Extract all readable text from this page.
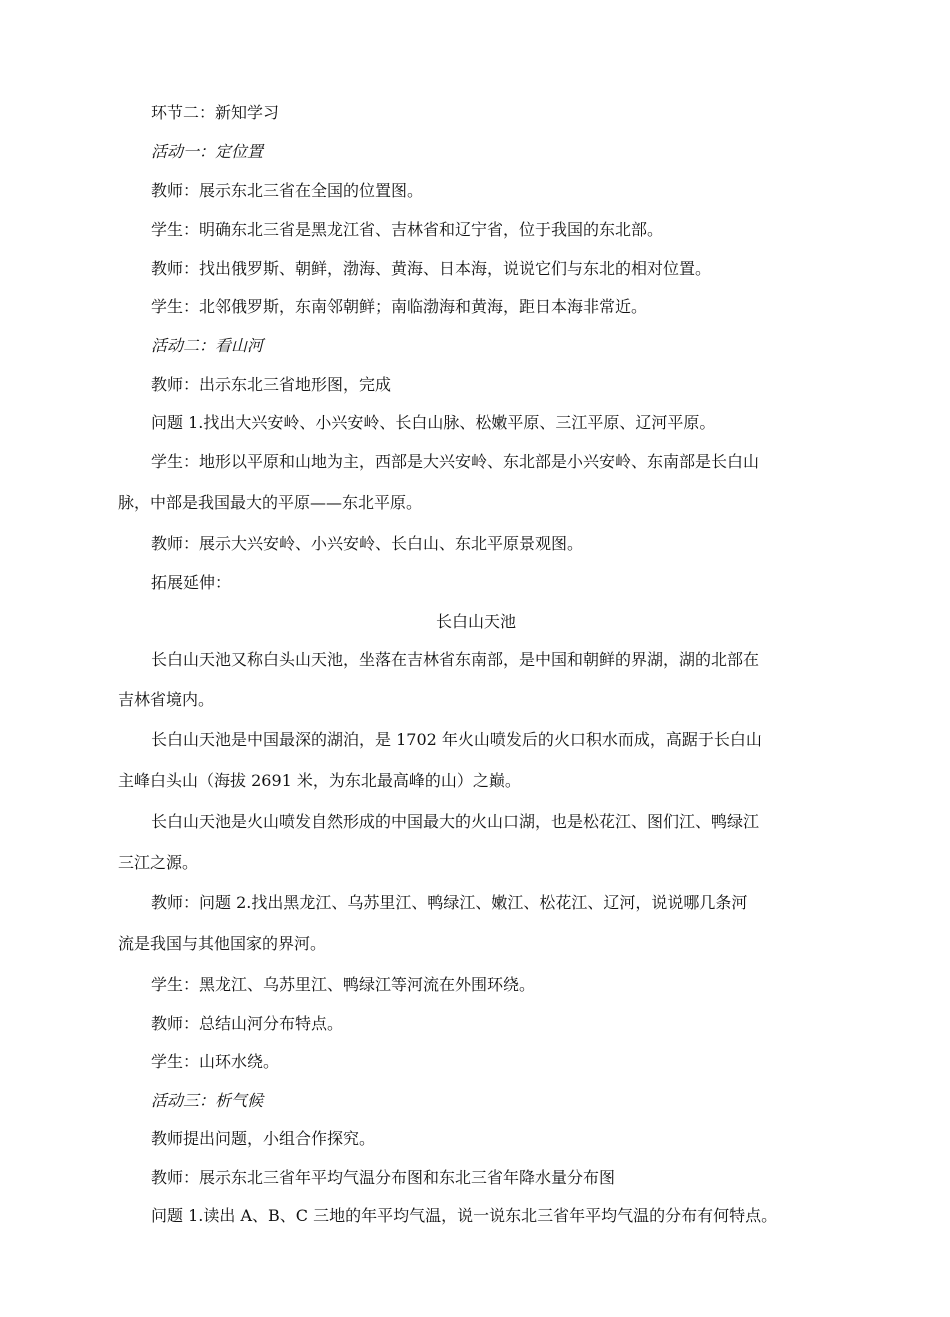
环节二：新知学习
活动一：定位置
教师：展示东北三省在全国的位置图。
学生：明确东北三省是黑龙江省、吉林省和辽宁省，位于我国的东北部。
教师：找出俄罗斯、朝鲜，渤海、黄海、日本海，说说它们与东北的相对位置。
学生：北邻俄罗斯，东南邻朝鲜；南临渤海和黄海，距日本海非常近。
活动二：看山河
教师：出示东北三省地形图，完成
问题 1.找出大兴安岭、小兴安岭、长白山脉、松嫩平原、三江平原、辽河平原。
学生：地形以平原和山地为主，西部是大兴安岭、东北部是小兴安岭、东南部是长白山
脉，中部是我国最大的平原——东北平原。
教师：展示大兴安岭、小兴安岭、长白山、东北平原景观图。
拓展延伸：
长白山天池
长白山天池又称白头山天池，坐落在吉林省东南部，是中国和朝鲜的界湖，湖的北部在
吉林省境内。
长白山天池是中国最深的湖泊，是 1702 年火山喷发后的火口积水而成，高踞于长白山
主峰白头山（海拔 2691 米，为东北最高峰的山）之巅。
长白山天池是火山喷发自然形成的中国最大的火山口湖，也是松花江、图们江、鸭绿江
三江之源。
教师：问题 2.找出黑龙江、乌苏里江、鸭绿江、嫩江、松花江、辽河，说说哪几条河
流是我国与其他国家的界河。
学生：黑龙江、乌苏里江、鸭绿江等河流在外围环绕。
教师：总结山河分布特点。
学生：山环水绕。
活动三：析气候
教师提出问题，小组合作探究。
教师：展示东北三省年平均气温分布图和东北三省年降水量分布图
问题 1.读出 A、B、C 三地的年平均气温，说一说东北三省年平均气温的分布有何特点。
